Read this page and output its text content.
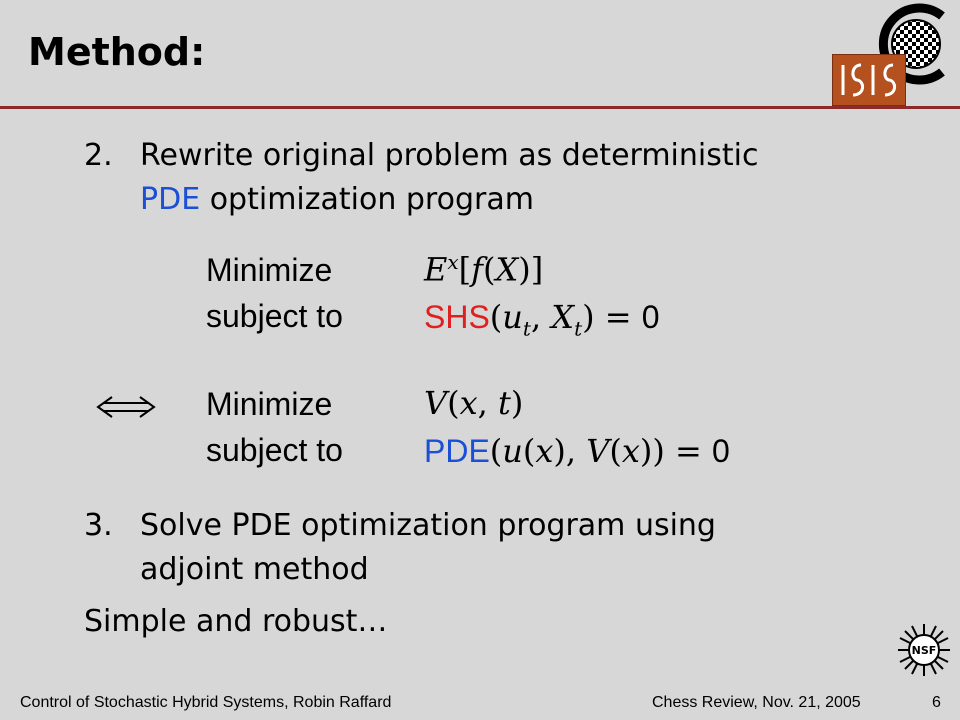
Method:
2. Rewrite original problem as deterministic
PDE optimization program
Minimize
subject to
$E^x[f(X)]$
$SHS(u_t$, $X_t) = 0$
Minimize
subject to
V(x, t)
PDE(u(x), V(x)) = 0
3. Solve PDE optimization program using
adjoint method
Simple and robust…
NSF
Control of Stochastic Hybrid Systems, Robin Raffard	Chess Review, Nov. 21, 2005	6
